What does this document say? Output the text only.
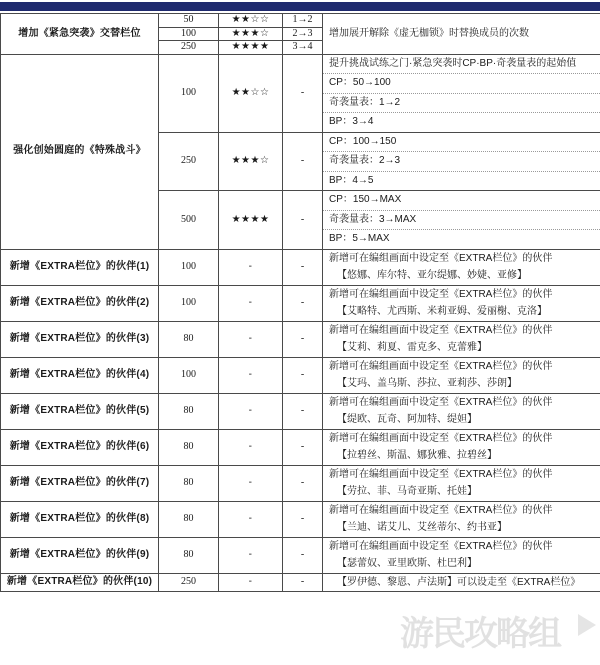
增加《紧急突袭》交替栏位	50	★★☆☆	1→2	增加展开解除《虚无枷锁》时替换成员的次数

	100	★★★☆	2→3	
	250	★★★★	3→4	
强化创始圆庭的《特殊战斗》	100	★★☆☆	-	提升挑战试练之门·紧急突袭时CP·BP·奇袭量表的起始值
CP：50→100
奇袭量表：1→2
BP：3→4

	250	★★★☆	-	CP：100→150
奇袭量表：2→3
BP：4→5

	500	★★★★	-	CP：150→MAX
奇袭量表：3→MAX
BP：5→MAX

新增《EXTRA栏位》的伙伴(1)	100	-	-	新增可在编组画面中设定至《EXTRA栏位》的伙伴
【悠娜、库尔特、亚尔缇娜、妙婕、亚修】

新增《EXTRA栏位》的伙伴(2)	100	-	-	新增可在编组画面中设定至《EXTRA栏位》的伙伴
【艾略特、尤西斯、米莉亚姆、爱丽榭、克洛】

新增《EXTRA栏位》的伙伴(3)	80	-	-	新增可在编组画面中设定至《EXTRA栏位》的伙伴
【艾莉、莉夏、雷克多、克蕾雅】

新增《EXTRA栏位》的伙伴(4)	100	-	-	新增可在编组画面中设定至《EXTRA栏位》的伙伴
【艾玛、盖乌斯、莎拉、亚莉莎、莎朗】

新增《EXTRA栏位》的伙伴(5)	80	-	-	新增可在编组画面中设定至《EXTRA栏位》的伙伴
【缇欧、瓦奇、阿加特、缇妲】

新增《EXTRA栏位》的伙伴(6)	80	-	-	新增可在编组画面中设定至《EXTRA栏位》的伙伴
【拉碧丝、斯温、娜狄雅、拉碧丝】

新增《EXTRA栏位》的伙伴(7)	80	-	-	新增可在编组画面中设定至《EXTRA栏位》的伙伴
【劳拉、菲、马奇亚斯、托娃】

新增《EXTRA栏位》的伙伴(8)	80	-	-	新增可在编组画面中设定至《EXTRA栏位》的伙伴
【兰迪、诺艾儿、艾丝蒂尔、约书亚】

新增《EXTRA栏位》的伙伴(9)	80	-	-	新增可在编组画面中设定至《EXTRA栏位》的伙伴
【瑟蕾奴、亚里欧斯、杜巴利】

新增《EXTRA栏位》的伙伴(10)	250	-	-	【罗伊德、黎恩、卢法斯】可以设走至《EXTRA栏位》
游民攻略组
